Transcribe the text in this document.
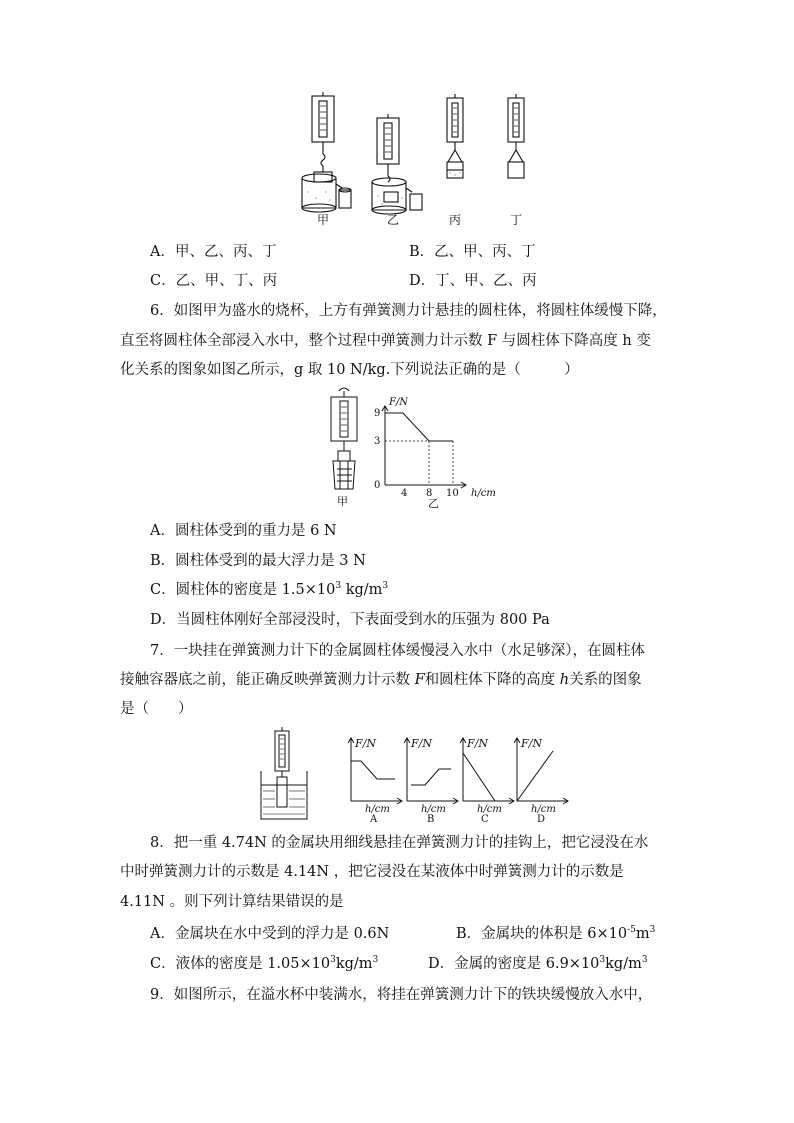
甲	乙	丙	丁
A．甲、乙、丙、丁	B．乙、甲、丙、丁
C．乙、甲、丁、丙	D．丁、甲、乙、丙
6．如图甲为盛水的烧杯，上方有弹簧测力计悬挂的圆柱体，将圆柱体缓慢下降，
直至将圆柱体全部浸入水中，整个过程中弹簧测力计示数 F 与圆柱体下降高度 h 变
化关系的图象如图乙所示，g 取 10 N/kg.下列说法正确的是（　　　）
甲
F/N
9
3
0
4 8 10 h/cm
乙
A．圆柱体受到的重力是 6 N
B．圆柱体受到的最大浮力是 3 N
C．圆柱体的密度是 $1.5\times 10^3$ $kg/m^3$
D．当圆柱体刚好全部浸没时，下表面受到水的压强为 800 Pa
7．一块挂在弹簧测力计下的金属圆柱体缓慢浸入水中（水足够深），在圆柱体
接触容器底之前，能正确反映弹簧测力计示数 F和圆柱体下降的高度 h关系的图象
是（　　）
F/N
h/cm
A
F/N
h/cm
B
F/N
h/cm
C
F/N
h/cm
D
8．把一重 4.74N 的金属块用细线悬挂在弹簧测力计的挂钩上，把它浸没在水
中时弹簧测力计的示数是 4.14N ，把它浸没在某液体中时弹簧测力计的示数是
4.11N 。则下列计算结果错误的是
A．金属块在水中受到的浮力是 0.6N	B．金属块的体积是 $6\times 10^{-5}m^3$
C．液体的密度是 $1.05\times 10^3kg/m^3$	D．金属的密度是 $6.9\times 10^3kg/m^3$
9．如图所示，在溢水杯中装满水，将挂在弹簧测力计下的铁块缓慢放入水中，
